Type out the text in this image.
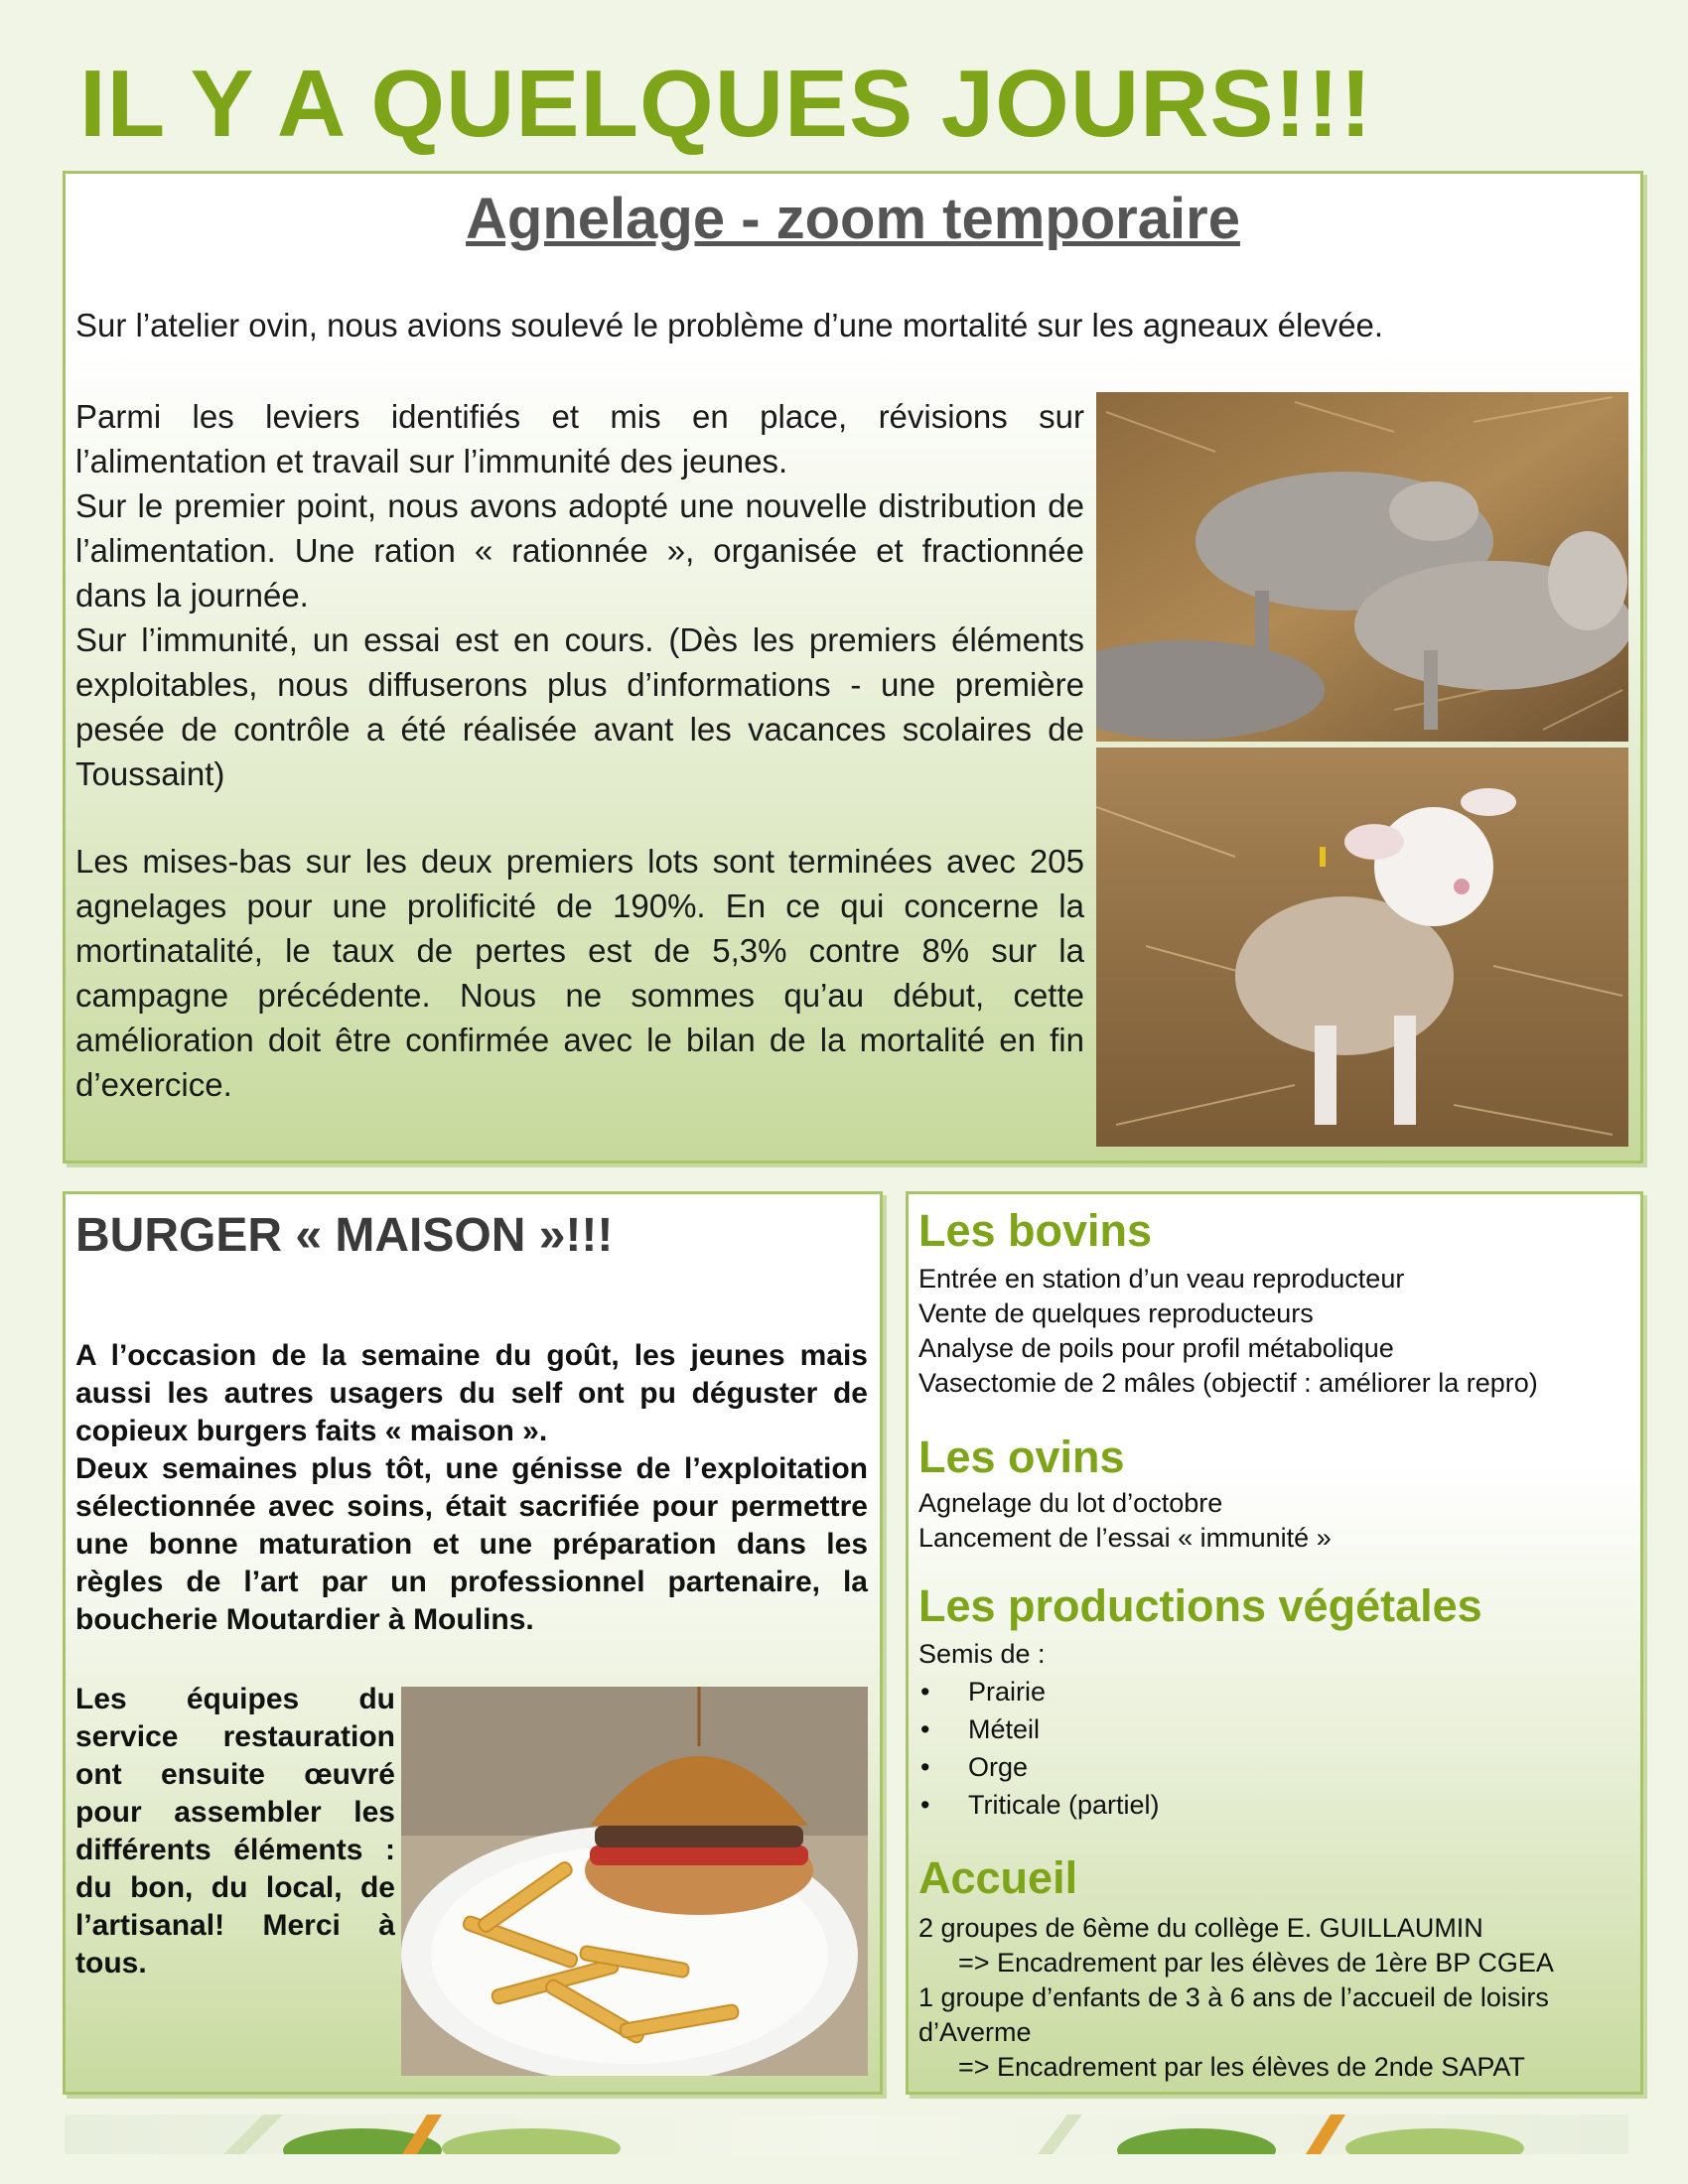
IL Y A QUELQUES JOURS!!!
Agnelage - zoom temporaire

Sur l’atelier ovin, nous avions soulevé le problème d’une mortalité sur les agneaux élevée.

Parmi les leviers identifiés et mis en place, révisions sur l’alimentation et travail sur l’immunité des jeunes.
Sur le premier point, nous avons adopté une nouvelle distribution de l’alimentation. Une ration « rationnée », organisée et fractionnée dans la journée.
Sur l’immunité, un essai est en cours. (Dès les premiers éléments exploitables, nous diffuserons plus d’informations - une première pesée de contrôle a été réalisée avant les vacances scolaires de Toussaint)

Les mises-bas sur les deux premiers lots sont terminées avec 205 agnelages pour une prolificité de 190%. En ce qui concerne la mortinatalité, le taux de pertes est de 5,3% contre 8% sur la campagne précédente. Nous ne sommes qu’au début, cette amélioration doit être confirmée avec le bilan de la mortalité en fin d’exercice.

BURGER « MAISON »!!!
A l’occasion de la semaine du goût, les jeunes mais aussi les autres usagers du self ont pu déguster de copieux burgers faits « maison ».
Deux semaines plus tôt, une génisse de l’exploitation sélectionnée avec soins, était sacrifiée pour permettre une bonne maturation et une préparation dans les règles de l’art par un professionnel partenaire, la boucherie Moutardier à Moulins.

Les équipes du service restauration ont ensuite œuvré pour assembler les différents éléments : du bon, du local, de l’artisanal! Merci à tous.

Les bovins
Entrée en station d’un veau reproducteur
Vente de quelques reproducteurs
Analyse de poils pour profil métabolique
Vasectomie de 2 mâles (objectif : améliorer la repro)
Les ovins
Agnelage du lot d’octobre
Lancement de l’essai « immunité »
Les productions végétales

Semis de :

• Prairie
• Méteil
• Orge
• Triticale (partiel)
Accueil
2 groupes de 6ème du collège E. GUILLAUMIN
=> Encadrement par les élèves de 1ère BP CGEA
1 groupe d’enfants de 3 à 6 ans de l’accueil de loisirs d’Averme
=> Encadrement par les élèves de 2nde SAPAT
